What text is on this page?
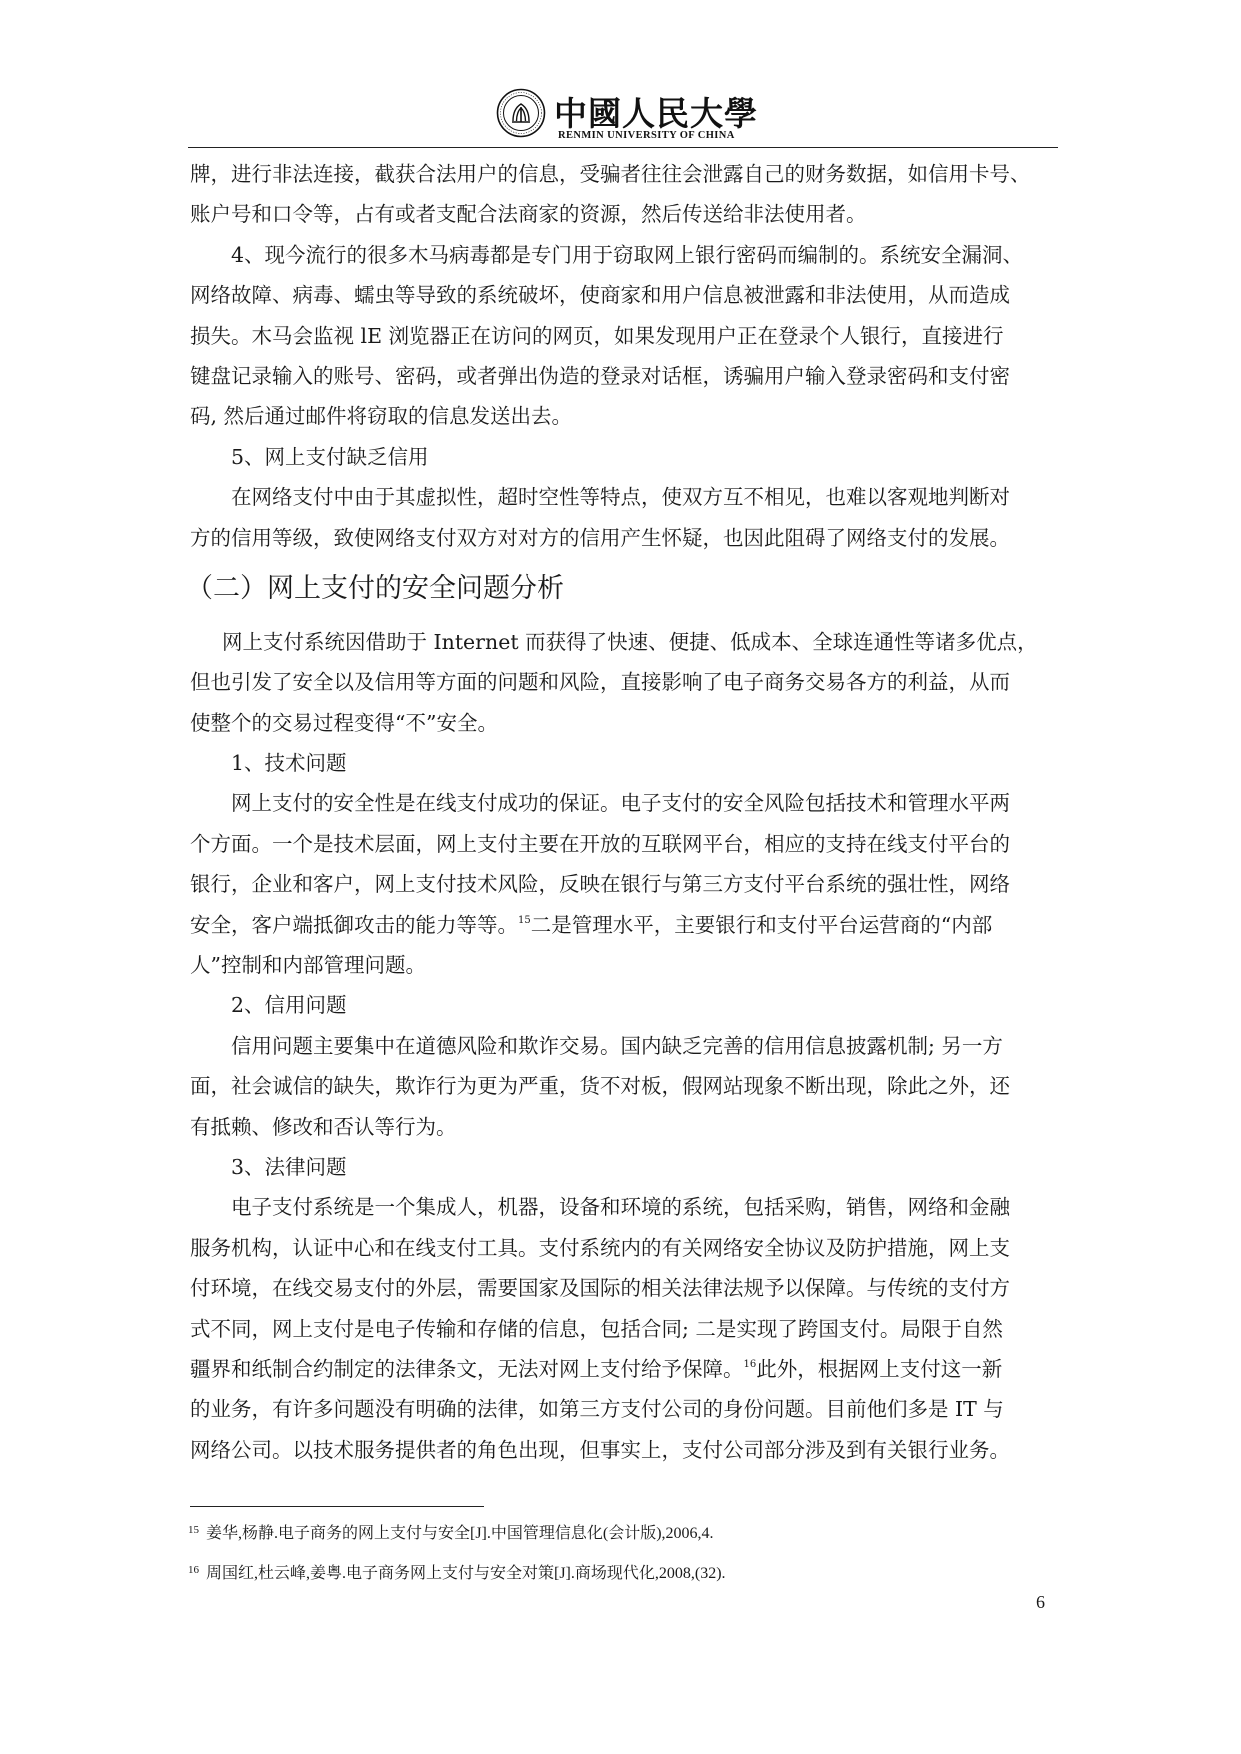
中國人民大學
RENMIN UNIVERSITY OF CHINA
牌，进行非法连接，截获合法用户的信息，受骗者往往会泄露自己的财务数据，如信用卡号、
账户号和口令等，占有或者支配合法商家的资源，然后传送给非法使用者。
4、现今流行的很多木马病毒都是专门用于窃取网上银行密码而编制的。系统安全漏洞、
网络故障、病毒、蠕虫等导致的系统破坏，使商家和用户信息被泄露和非法使用，从而造成
损失。木马会监视 lE 浏览器正在访问的网页，如果发现用户正在登录个人银行，直接进行
键盘记录输入的账号、密码，或者弹出伪造的登录对话框，诱骗用户输入登录密码和支付密
码, 然后通过邮件将窃取的信息发送出去。
5、网上支付缺乏信用
在网络支付中由于其虚拟性，超时空性等特点，使双方互不相见，也难以客观地判断对
方的信用等级，致使网络支付双方对对方的信用产生怀疑，也因此阻碍了网络支付的发展。
（二）网上支付的安全问题分析
网上支付系统因借助于 Internet 而获得了快速、便捷、低成本、全球连通性等诸多优点，
但也引发了安全以及信用等方面的问题和风险，直接影响了电子商务交易各方的利益，从而
使整个的交易过程变得“不”安全。
1、技术问题
网上支付的安全性是在线支付成功的保证。电子支付的安全风险包括技术和管理水平两
个方面。一个是技术层面，网上支付主要在开放的互联网平台，相应的支持在线支付平台的
银行，企业和客户，网上支付技术风险，反映在银行与第三方支付平台系统的强壮性，网络
安全，客户端抵御攻击的能力等等。$^{15}$二是管理水平，主要银行和支付平台运营商的“内部
人”控制和内部管理问题。
2、信用问题
信用问题主要集中在道德风险和欺诈交易。国内缺乏完善的信用信息披露机制; 另一方
面，社会诚信的缺失，欺诈行为更为严重，货不对板，假网站现象不断出现，除此之外，还
有抵赖、修改和否认等行为。
3、法律问题
电子支付系统是一个集成人，机器，设备和环境的系统，包括采购，销售，网络和金融
服务机构，认证中心和在线支付工具。支付系统内的有关网络安全协议及防护措施，网上支
付环境，在线交易支付的外层，需要国家及国际的相关法律法规予以保障。与传统的支付方
式不同，网上支付是电子传输和存储的信息，包括合同; 二是实现了跨国支付。局限于自然
疆界和纸制合约制定的法律条文，无法对网上支付给予保障。$^{16}$此外，根据网上支付这一新
的业务，有许多问题没有明确的法律，如第三方支付公司的身份问题。目前他们多是 IT 与
网络公司。以技术服务提供者的角色出现，但事实上，支付公司部分涉及到有关银行业务。
$^{15}$ 姜华,杨静.电子商务的网上支付与安全[J].中国管理信息化(会计版),2006,4.
$^{16}$ 周国红,杜云峰,姜粤.电子商务网上支付与安全对策[J].商场现代化,2008,(32).
6
